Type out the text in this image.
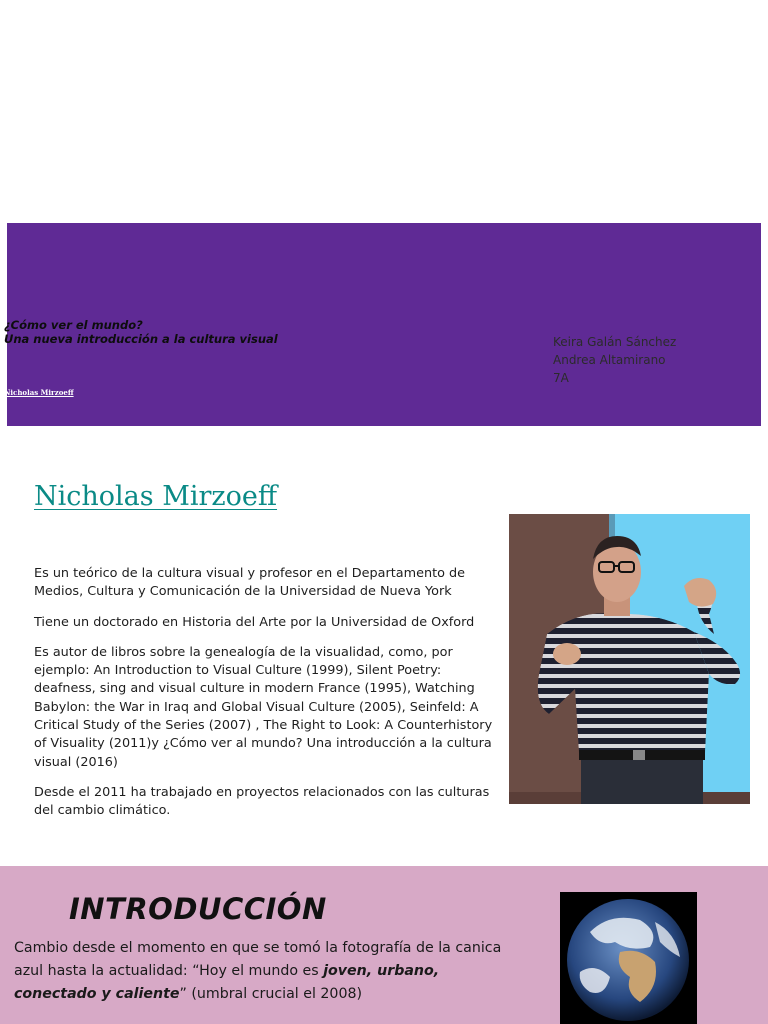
¿Cómo ver el mundo?
Una nueva introducción a la cultura visual
Nicholas Mirzoeff
Keira Galán Sánchez
Andrea Altamirano
7A
Nicholas Mirzoeff

Es un teórico de la cultura visual y profesor en el Departamento de Medios, Cultura y Comunicación de la Universidad de Nueva York

Tiene un doctorado en Historia del Arte por la Universidad de Oxford

Es autor de libros sobre la genealogía de la visualidad, como, por ejemplo: An Introduction to Visual Culture (1999), Silent Poetry: deafness, sing and visual culture in modern France (1995), Watching Babylon: the War in Iraq and Global Visual Culture (2005), Seinfeld: A Critical Study of the Series (2007) , The Right to Look: A Counterhistory of Visuality (2011)y ¿Cómo ver al mundo? Una introducción a la cultura visual (2016)

Desde el 2011 ha trabajado en proyectos relacionados con las culturas del cambio climático.

INTRODUCCIÓN
Cambio desde el momento en que se tomó la fotografía de la canica azul hasta la actualidad: “Hoy el mundo es joven, urbano, conectado y caliente” (umbral crucial el 2008)
